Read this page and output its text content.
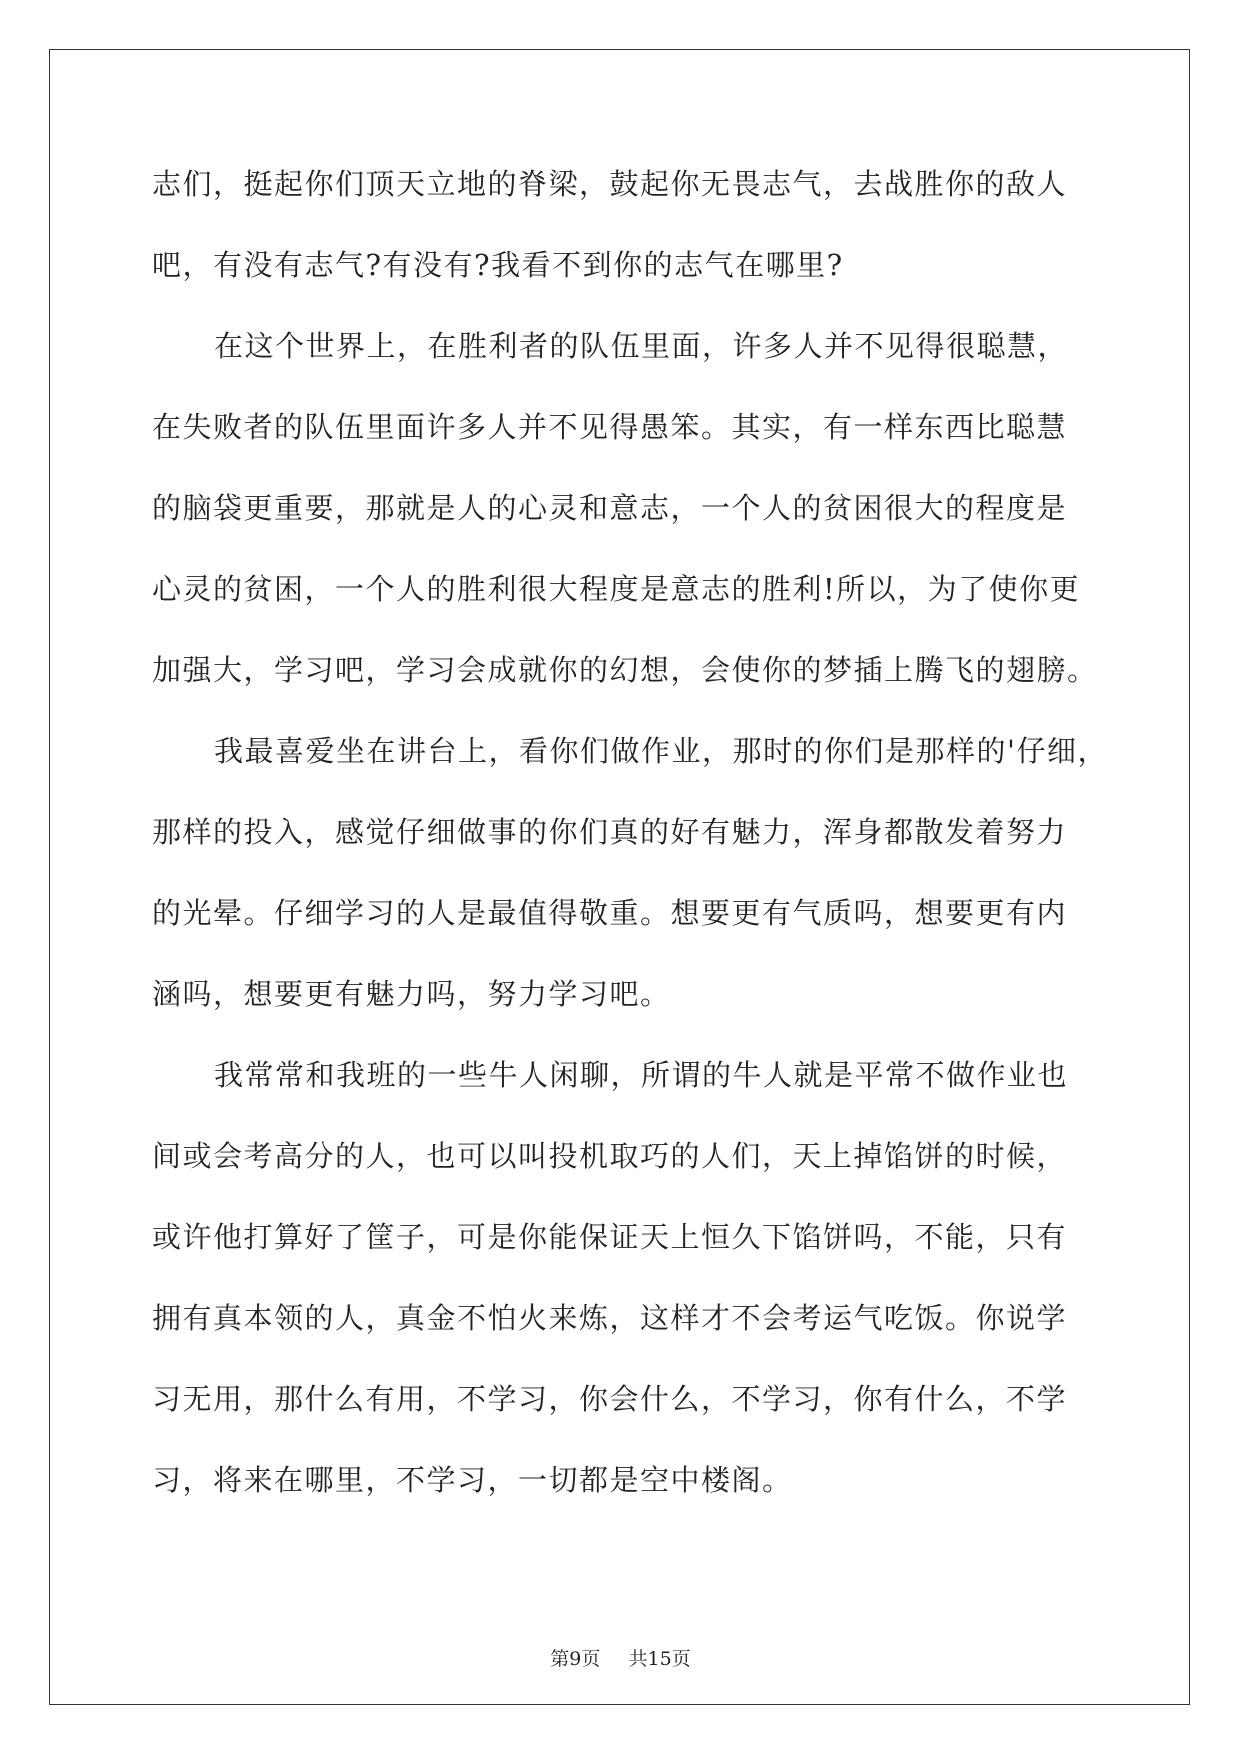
志们，挺起你们顶天立地的脊梁，鼓起你无畏志气，去战胜你的敌人
吧，有没有志气?有没有?我看不到你的志气在哪里?
在这个世界上，在胜利者的队伍里面，许多人并不见得很聪慧，
在失败者的队伍里面许多人并不见得愚笨。其实，有一样东西比聪慧
的脑袋更重要，那就是人的心灵和意志，一个人的贫困很大的程度是
心灵的贫困，一个人的胜利很大程度是意志的胜利!所以，为了使你更
加强大，学习吧，学习会成就你的幻想，会使你的梦插上腾飞的翅膀。
我最喜爱坐在讲台上，看你们做作业，那时的你们是那样的'仔细，
那样的投入，感觉仔细做事的你们真的好有魅力，浑身都散发着努力
的光晕。仔细学习的人是最值得敬重。想要更有气质吗，想要更有内
涵吗，想要更有魅力吗，努力学习吧。
我常常和我班的一些牛人闲聊，所谓的牛人就是平常不做作业也
间或会考高分的人，也可以叫投机取巧的人们，天上掉馅饼的时候，
或许他打算好了筐子，可是你能保证天上恒久下馅饼吗，不能，只有
拥有真本领的人，真金不怕火来炼，这样才不会考运气吃饭。你说学
习无用，那什么有用，不学习，你会什么，不学习，你有什么，不学
习，将来在哪里，不学习，一切都是空中楼阁。
第9页 共15页
